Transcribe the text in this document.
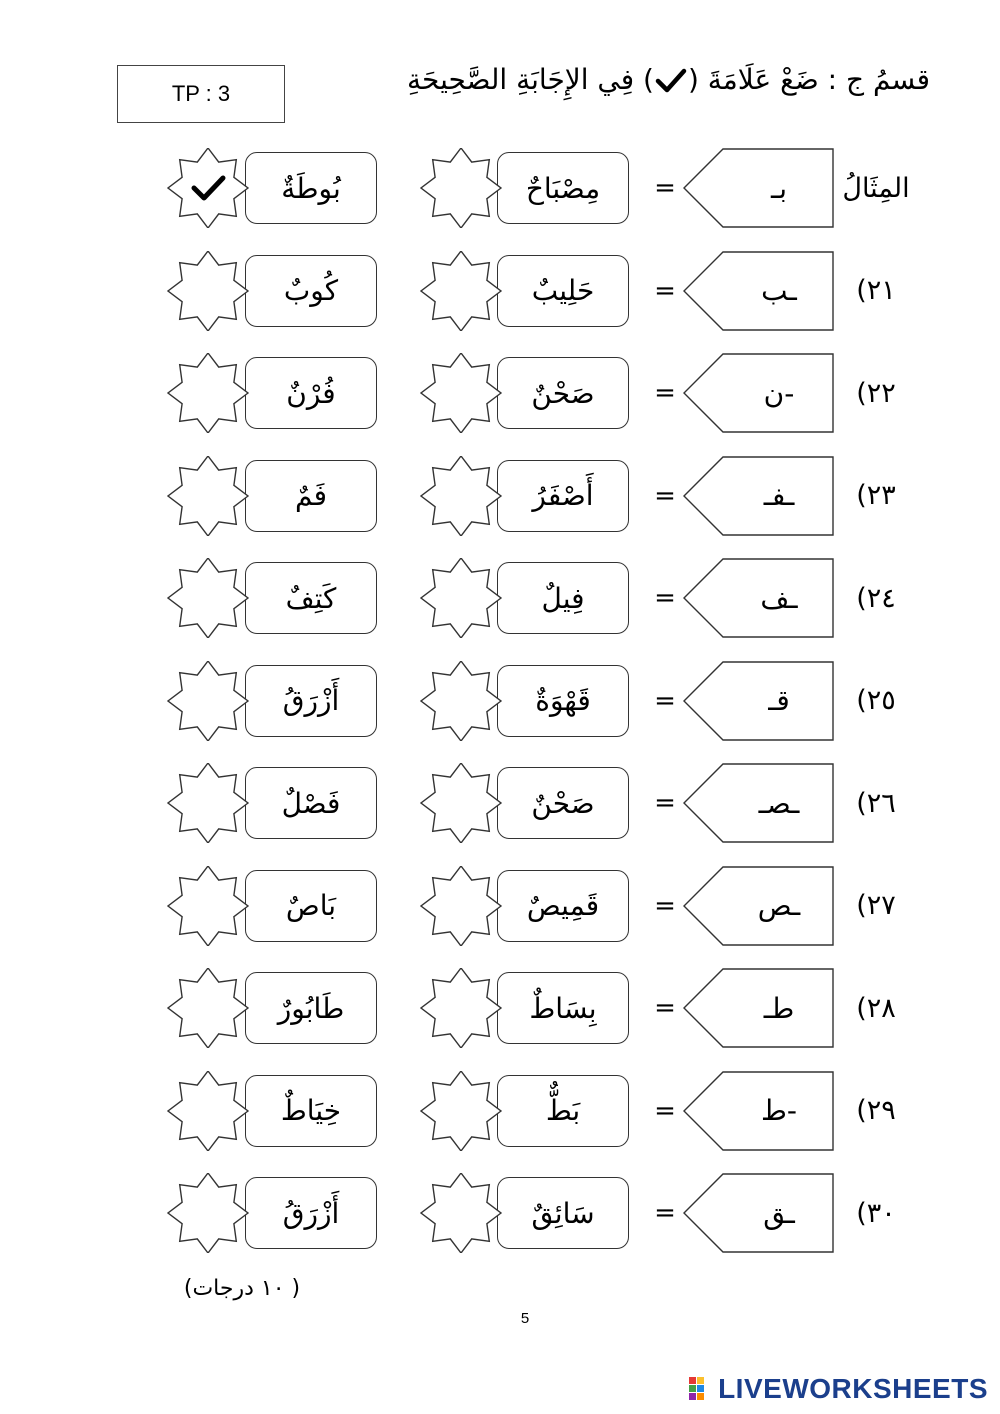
TP : 3	قسمُ ج : ضَعْ عَلَامَةَ () فِي الإِجَابَةِ الصَّحِيحَةِ
المِثَالُ
بـ
=
مِصْبَاحٌ
بُوطَةٌ
٢١)
ـب
=
حَلِيبٌ
كُوبٌ
٢٢)
-ن
=
صَحْنٌ
فُرْنٌ
٢٣)
ـفـ
=
أَصْفَرُ
فَمٌ
٢٤)
ـف
=
فِيلٌ
كَتِفٌ
٢٥)
قـ
=
قَهْوَةٌ
أَزْرَقُ
٢٦)
ـصـ
=
صَحْنٌ
فَصْلٌ
٢٧)
ـص
=
قَمِيصٌ
بَاصٌ
٢٨)
طـ
=
بِسَاطٌ
طَابُورٌ
٢٩)
-ط
=
بَطٌّ
خِيَاطٌ
٣٠)
ـق
=
سَائِقٌ
أَزْرَقُ
( ١٠ درجات)
5
LIVEWORKSHEETS
